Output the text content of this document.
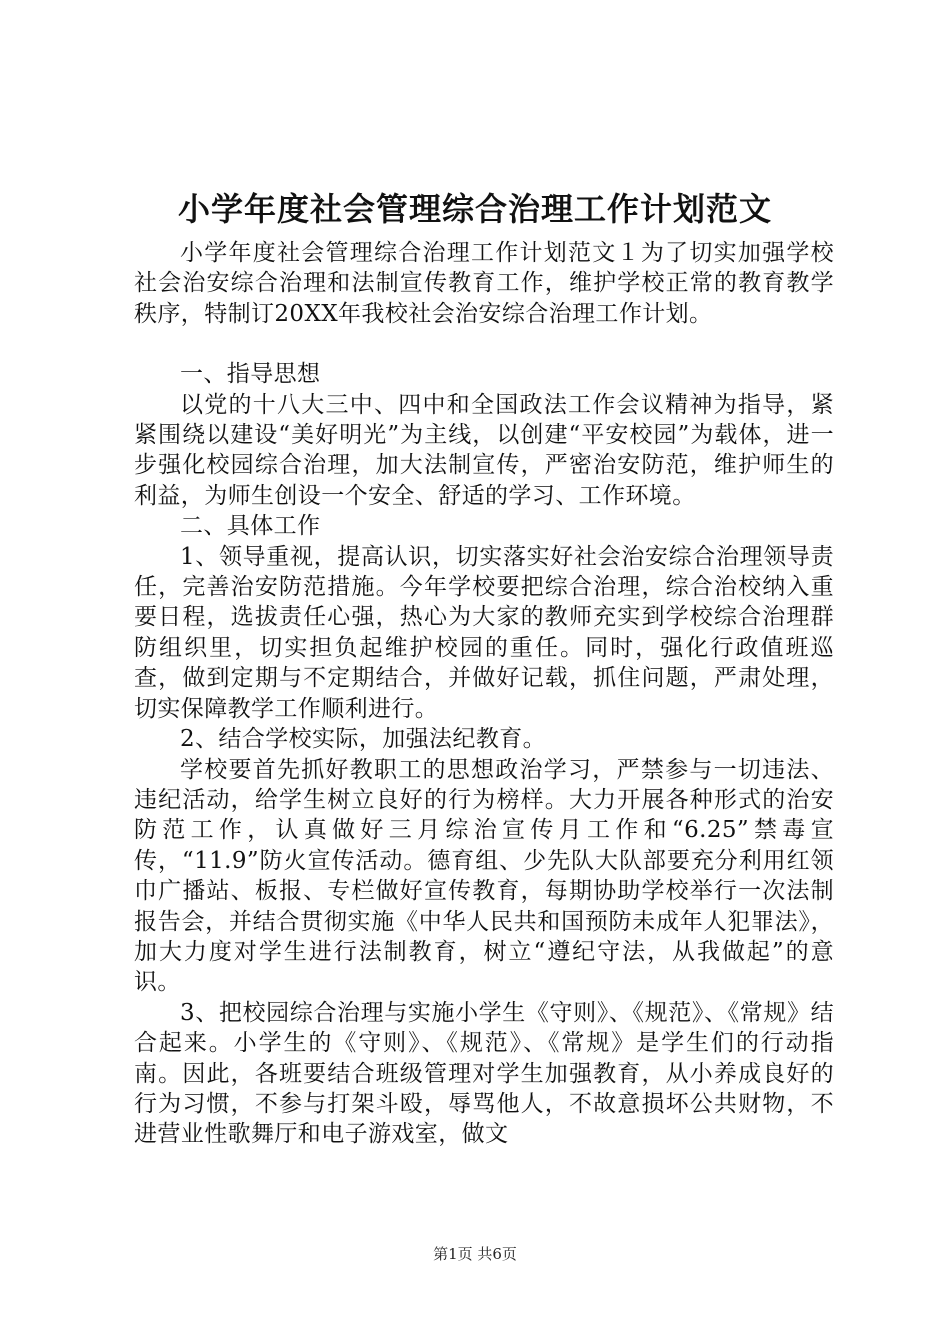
小学年度社会管理综合治理工作计划范文

小学年度社会管理综合治理工作计划范文１为了切实加强学校社会治安综合治理和法制宣传教育工作，维护学校正常的教育教学秩序，特制订20XX年我校社会治安综合治理工作计划。

一、指导思想

以党的十八大三中、四中和全国政法工作会议精神为指导，紧紧围绕以建设“美好明光”为主线，以创建“平安校园”为载体，进一步强化校园综合治理，加大法制宣传，严密治安防范，维护师生的利益，为师生创设一个安全、舒适的学习、工作环境。

二、具体工作

1、领导重视，提高认识，切实落实好社会治安综合治理领导责任，完善治安防范措施。今年学校要把综合治理，综合治校纳入重要日程，选拔责任心强，热心为大家的教师充实到学校综合治理群防组织里，切实担负起维护校园的重任。同时，强化行政值班巡查，做到定期与不定期结合，并做好记载，抓住问题，严肃处理，切实保障教学工作顺利进行。

2、结合学校实际，加强法纪教育。

学校要首先抓好教职工的思想政治学习，严禁参与一切违法、违纪活动，给学生树立良好的行为榜样。大力开展各种形式的治安防范工作，认真做好三月综治宣传月工作和“6.25”禁毒宣传，“11.9”防火宣传活动。德育组、少先队大队部要充分利用红领巾广播站、板报、专栏做好宣传教育，每期协助学校举行一次法制报告会，并结合贯彻实施《中华人民共和国预防未成年人犯罪法》，加大力度对学生进行法制教育，树立“遵纪守法，从我做起”的意识。

3、把校园综合治理与实施小学生《守则》、《规范》、《常规》结合起来。小学生的《守则》、《规范》、《常规》是学生们的行动指南。因此，各班要结合班级管理对学生加强教育，从小养成良好的行为习惯，不参与打架斗殴，辱骂他人，不故意损坏公共财物，不进营业性歌舞厅和电子游戏室，做文

第1页 共6页
